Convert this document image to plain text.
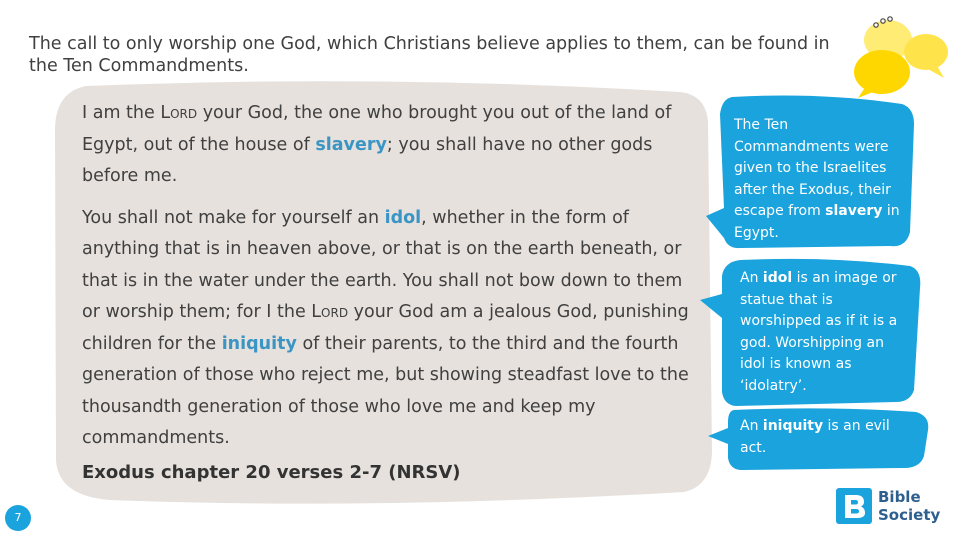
The call to only worship one God, which Christians believe applies to them, can be found in the Ten Commandments.

I am the Lord your God, the one who brought you out of the land of Egypt, out of the house of slavery; you shall have no other gods before me.

You shall not make for yourself an idol, whether in the form of anything that is in heaven above, or that is on the earth beneath, or that is in the water under the earth. You shall not bow down to them or worship them; for I the Lord your God am a jealous God, punishing children for the iniquity of their parents, to the third and the fourth generation of those who reject me, but showing steadfast love to the thousandth generation of those who love me and keep my commandments.

Exodus chapter 20 verses 2-7 (NRSV)

The Ten Commandments were given to the Israelites after the Exodus, their escape from slavery in Egypt.

An idol is an image or statue that is worshipped as if it is a god. Worshipping an idol is known as ‘idolatry’.

An iniquity is an evil act.

7
Bible
Society
